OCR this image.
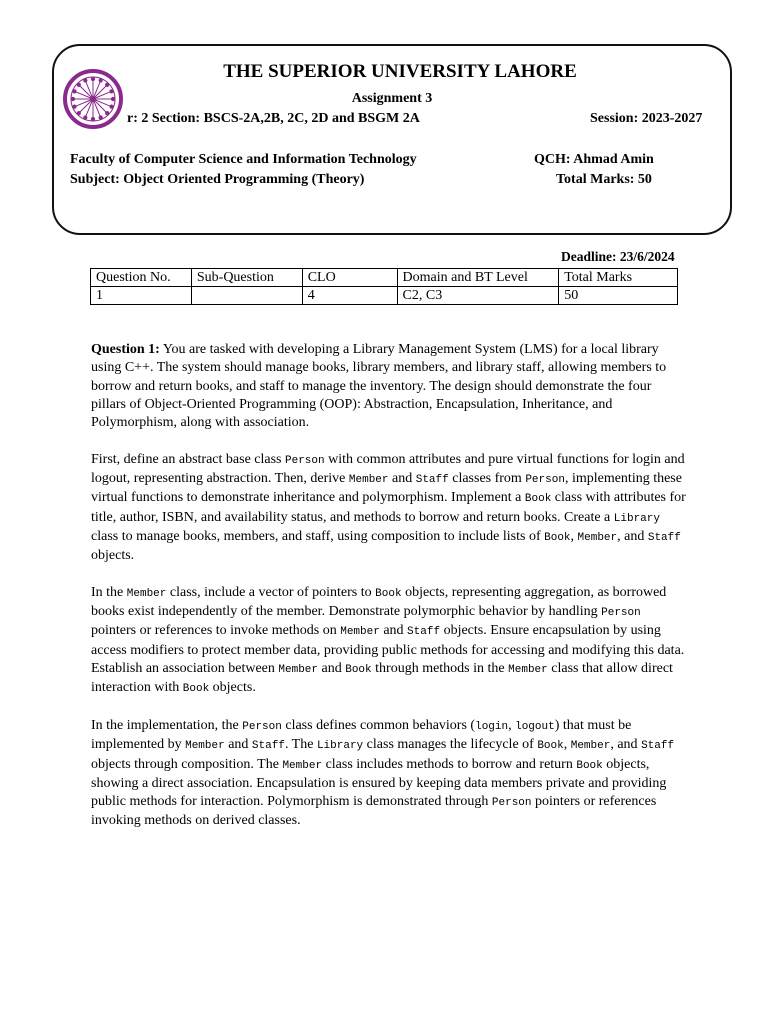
THE SUPERIOR UNIVERSITY LAHORE
Assignment 3
r: 2 Section: BSCS-2A,2B, 2C, 2D and BSGM 2A	Session: 2023-2027
Faculty of Computer Science and Information Technology	QCH: Ahmad Amin
Subject: Object Oriented Programming (Theory)	Total Marks: 50
Deadline: 23/6/2024
Question No.	Sub-Question	CLO	Domain and BT Level	Total Marks
1		4	C2, C3	50

Question 1: You are tasked with developing a Library Management System (LMS) for a local library using C++. The system should manage books, library members, and library staff, allowing members to borrow and return books, and staff to manage the inventory. The design should demonstrate the four pillars of Object-Oriented Programming (OOP): Abstraction, Encapsulation, Inheritance, and Polymorphism, along with association.

First, define an abstract base class Person with common attributes and pure virtual functions for login and logout, representing abstraction. Then, derive Member and Staff classes from Person, implementing these virtual functions to demonstrate inheritance and polymorphism. Implement a Book class with attributes for title, author, ISBN, and availability status, and methods to borrow and return books. Create a Library class to manage books, members, and staff, using composition to include lists of Book, Member, and Staff objects.

In the Member class, include a vector of pointers to Book objects, representing aggregation, as borrowed books exist independently of the member. Demonstrate polymorphic behavior by handling Person pointers or references to invoke methods on Member and Staff objects. Ensure encapsulation by using access modifiers to protect member data, providing public methods for accessing and modifying this data. Establish an association between Member and Book through methods in the Member class that allow direct interaction with Book objects.

In the implementation, the Person class defines common behaviors (login, logout) that must be implemented by Member and Staff. The Library class manages the lifecycle of Book, Member, and Staff objects through composition. The Member class includes methods to borrow and return Book objects, showing a direct association. Encapsulation is ensured by keeping data members private and providing public methods for interaction. Polymorphism is demonstrated through Person pointers or references invoking methods on derived classes.
